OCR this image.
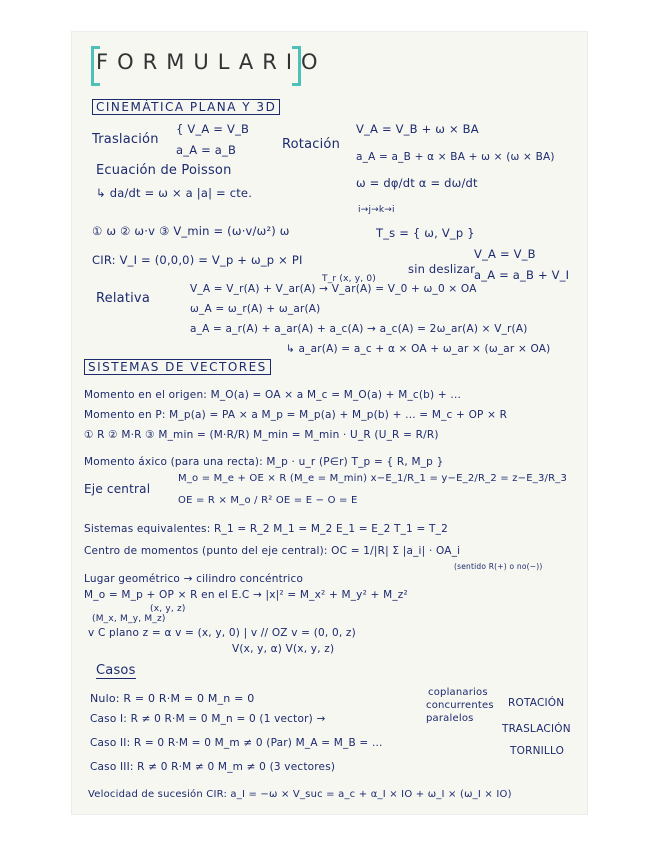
FORMULARIO
CINEMÁTICA PLANA Y 3D
Traslación
{ V_A = V_B
a_A = a_B	Rotación
V_A = V_B + ω × BA
a_A = a_B + α × BA + ω × (ω × BA)
ω = dφ/dt α = dω/dt
i→j→k→i
Ecuación de Poisson
↳ da/dt = ω × a |a| = cte.
① ω ② ω·v ③ V_min = (ω·v/ω²) ω	T_s = { ω, V_p }
CIR: V_I = (0,0,0) = V_p + ω_p × PI
T_r (x, y, 0)
sin deslizar
V_A = V_B
a_A = a_B + V_I
Relativa
V_A = V_r(A) + V_ar(A) → V_ar(A) = V_0 + ω_0 × OA
ω_A = ω_r(A) + ω_ar(A)
a_A = a_r(A) + a_ar(A) + a_c(A) → a_c(A) = 2ω_ar(A) × V_r(A)
↳ a_ar(A) = a_c + α × OA + ω_ar × (ω_ar × OA)
SISTEMAS DE VECTORES
Momento en el origen: M_O(a) = OA × a M_c = M_O(a) + M_c(b) + ...
Momento en P: M_p(a) = PA × a M_p = M_p(a) + M_p(b) + ... = M_c + OP × R
① R ② M·R ③ M_min = (M·R/R) M_min = M_min · U_R (U_R = R/R)
Momento áxico (para una recta): M_p · u_r (P∈r) T_p = { R, M_p }
Eje central
M_o = M_e + OE × R (M_e = M_min) x−E_1/R_1 = y−E_2/R_2 = z−E_3/R_3
OE = R × M_o / R² OE = E − O = E
Sistemas equivalentes: R_1 = R_2 M_1 = M_2 E_1 = E_2 T_1 = T_2
Centro de momentos (punto del eje central): OC = 1/|R| Σ |a_i| · OA_i
(sentido R(+) o no(−))
Lugar geométrico → cilindro concéntrico
M_o = M_p + OP × R en el E.C → |x|² = M_x² + M_y² + M_z²
(x, y, z)
(M_x, M_y, M_z)
v C plano z = α v = (x, y, 0) | v // OZ v = (0, 0, z)
V(x, y, α) V(x, y, z)
Casos
Nulo: R = 0 R·M = 0 M_n = 0
Caso I: R ≠ 0 R·M = 0 M_n = 0 (1 vector) →
coplanarios
concurrentes
paralelos
ROTACIÓN
Caso II: R = 0 R·M = 0 M_m ≠ 0 (Par) M_A = M_B = ...
TRASLACIÓN
Caso III: R ≠ 0 R·M ≠ 0 M_m ≠ 0 (3 vectores)
TORNILLO
Velocidad de sucesión CIR: a_I = −ω × V_suc = a_c + α_I × IO + ω_I × (ω_I × IO)
